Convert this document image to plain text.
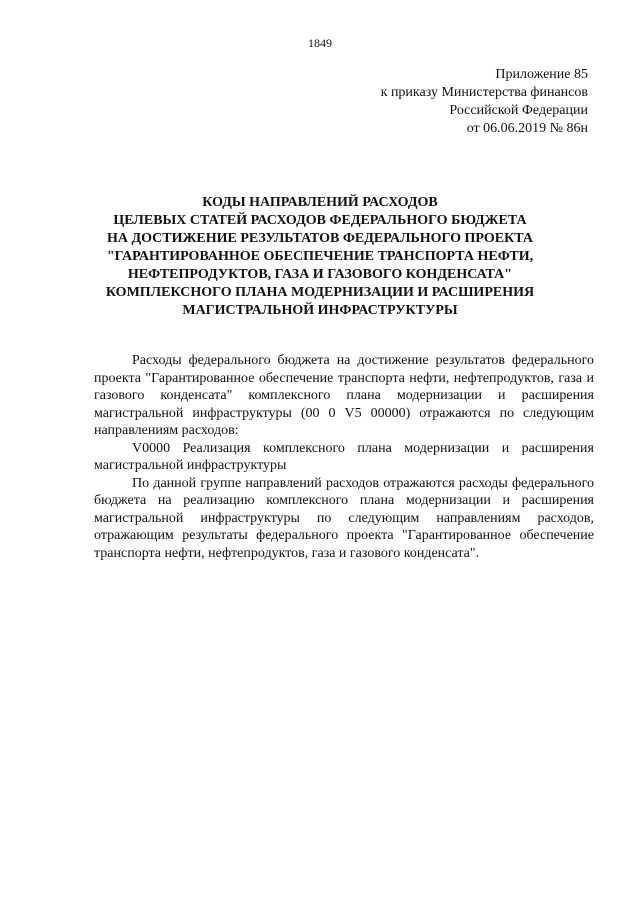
1849
Приложение 85
к приказу Министерства финансов
Российской Федерации
от 06.06.2019 № 86н
КОДЫ НАПРАВЛЕНИЙ РАСХОДОВ
ЦЕЛЕВЫХ СТАТЕЙ РАСХОДОВ ФЕДЕРАЛЬНОГО БЮДЖЕТА
НА ДОСТИЖЕНИЕ РЕЗУЛЬТАТОВ ФЕДЕРАЛЬНОГО ПРОЕКТА
"ГАРАНТИРОВАННОЕ ОБЕСПЕЧЕНИЕ ТРАНСПОРТА НЕФТИ,
НЕФТЕПРОДУКТОВ, ГАЗА И ГАЗОВОГО КОНДЕНСАТА"
КОМПЛЕКСНОГО ПЛАНА МОДЕРНИЗАЦИИ И РАСШИРЕНИЯ
МАГИСТРАЛЬНОЙ ИНФРАСТРУКТУРЫ

Расходы федерального бюджета на достижение результатов федерального проекта "Гарантированное обеспечение транспорта нефти, нефтепродуктов, газа и газового конденсата" комплексного плана модернизации и расширения магистральной инфраструктуры (00 0 V5 00000) отражаются по следующим направлениям расходов:

V0000 Реализация комплексного плана модернизации и расширения магистральной инфраструктуры

По данной группе направлений расходов отражаются расходы федерального бюджета на реализацию комплексного плана модернизации и расширения магистральной инфраструктуры по следующим направлениям расходов, отражающим результаты федерального проекта "Гарантированное обеспечение транспорта нефти, нефтепродуктов, газа и газового конденсата".
